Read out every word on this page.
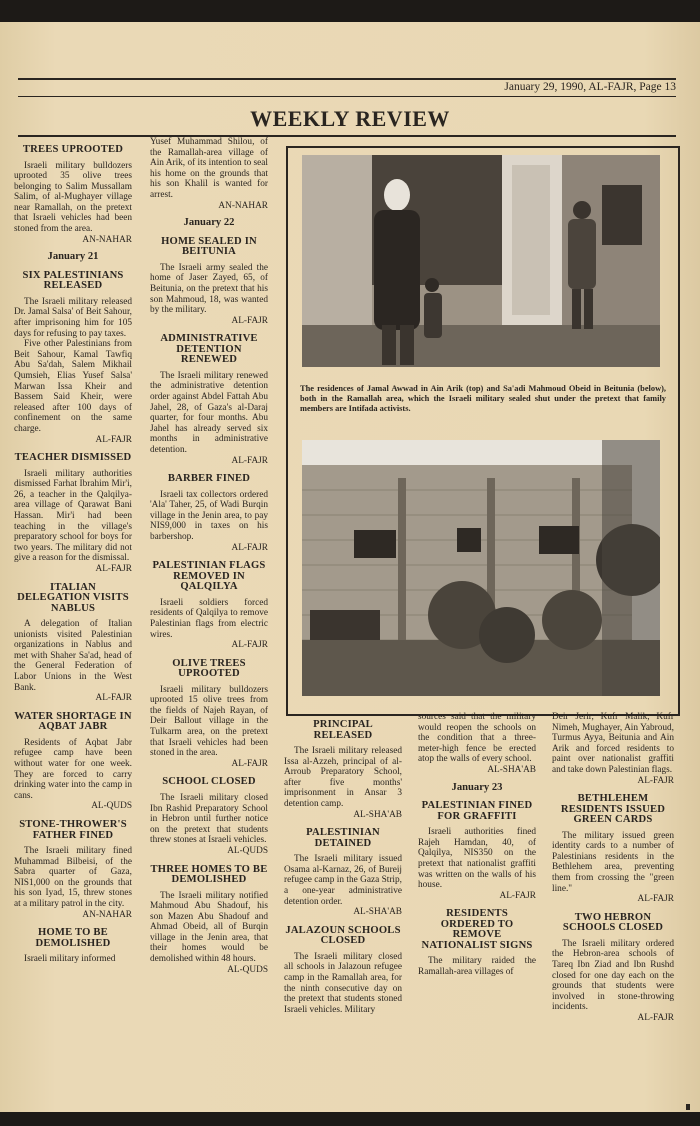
January 29, 1990, AL-FAJR, Page 13
WEEKLY REVIEW
TREES UPROOTED

Israeli military bulldozers uprooted 35 olive trees belonging to Salim Mussallam Salim, of al-Mughayer village near Ramallah, on the pretext that Israeli vehicles had been stoned from the area.

AN-NAHAR
January 21
SIX PALESTINIANS RELEASED

The Israeli military released Dr. Jamal Salsa' of Beit Sahour, after imprisoning him for 105 days for refusing to pay taxes.

Five other Palestinians from Beit Sahour, Kamal Tawfiq Abu Sa'dah, Salem Mikhail Qumsieh, Elias Yusef Salsa' Marwan Issa Kheir and Bassem Said Kheir, were released after 100 days of confinement on the same charge.

AL-FAJR
TEACHER DISMISSED

Israeli military authorities dismissed Farhat Ibrahim Mir'i, 26, a teacher in the Qalqilya-area village of Qarawat Bani Hassan. Mir'i had been teaching in the village's preparatory school for boys for two years. The military did not give a reason for the dismissal.

AL-FAJR
ITALIAN DELEGATION VISITS NABLUS

A delegation of Italian unionists visited Palestinian organizations in Nablus and met with Shaher Sa'ad, head of the General Federation of Labor Unions in the West Bank.

AL-FAJR
WATER SHORTAGE IN AQBAT JABR

Residents of Aqbat Jabr refugee camp have been without water for one week. They are forced to carry drinking water into the camp in cans.

AL-QUDS
STONE-THROWER'S FATHER FINED

The Israeli military fined Muhammad Bilbeisi, of the Sabra quarter of Gaza, NIS1,000 on the grounds that his son Iyad, 15, threw stones at a military patrol in the city.

AN-NAHAR
HOME TO BE DEMOLISHED

Israeli military informed

Yusef Muhammad Shilou, of the Ramallah-area village of Ain Arik, of its intention to seal his home on the grounds that his son Khalil is wanted for arrest.

AN-NAHAR
January 22
HOME SEALED IN BEITUNIA

The Israeli army sealed the home of Jaser Zayed, 65, of Beitunia, on the pretext that his son Mahmoud, 18, was wanted by the military.

AL-FAJR
ADMINISTRATIVE DETENTION RENEWED

The Israeli military renewed the administrative detention order against Abdel Fattah Abu Jahel, 28, of Gaza's al-Daraj quarter, for four months. Abu Jahel has already served six months in administrative detention.

AL-FAJR
BARBER FINED

Israeli tax collectors ordered 'Ala' Taher, 25, of Wadi Burqin village in the Jenin area, to pay NIS9,000 in taxes on his barbershop.

AL-FAJR
PALESTINIAN FLAGS REMOVED IN QALQILYA

Israeli soldiers forced residents of Qalqilya to remove Palestinian flags from electric wires.

AL-FAJR
OLIVE TREES UPROOTED

Israeli military bulldozers uprooted 15 olive trees from the fields of Najeh Rayan, of Deir Ballout village in the Tulkarm area, on the pretext that Israeli vehicles had been stoned in the area.

AL-FAJR
SCHOOL CLOSED

The Israeli military closed Ibn Rashid Preparatory School in Hebron until further notice on the pretext that students threw stones at Israeli vehicles.

AL-QUDS
THREE HOMES TO BE DEMOLISHED

The Israeli military notified Mahmoud Abu Shadouf, his son Mazen Abu Shadouf and Ahmad Obeid, all of Burqin village in the Jenin area, that their homes would be demolished within 48 hours.

AL-QUDS
PRINCIPAL RELEASED

The Israeli military released Issa al-Azzeh, principal of al-Arroub Preparatory School, after five months' imprisonment in Ansar 3 detention camp.

AL-SHA'AB
PALESTINIAN DETAINED

The Israeli military issued Osama al-Karnaz, 26, of Bureij refugee camp in the Gaza Strip, a one-year administrative detention order.

AL-SHA'AB
JALAZOUN SCHOOLS CLOSED

The Israeli military closed all schools in Jalazoun refugee camp in the Ramallah area, for the ninth consecutive day on the pretext that students stoned Israeli vehicles. Military

sources said that the military would reopen the schools on the condition that a three-meter-high fence be erected atop the walls of every school.

AL-SHA'AB
January 23
PALESTINIAN FINED FOR GRAFFITI

Israeli authorities fined Rajeh Hamdan, 40, of Qalqilya, NIS350 on the pretext that nationalist graffiti was written on the walls of his house.

AL-FAJR
RESIDENTS ORDERED TO REMOVE NATIONALIST SIGNS

The military raided the Ramallah-area villages of

Deir Jerir, Kufr Malik, Kufr Nimeh, Mughayer, Ain Yabroud, Turmus Ayya, Beitunia and Ain Arik and forced residents to paint over nationalist graffiti and take down Palestinian flags.

AL-FAJR
BETHLEHEM RESIDENTS ISSUED GREEN CARDS

The military issued green identity cards to a number of Palestinians residents in the Bethlehem area, preventing them from crossing the "green line."

AL-FAJR
TWO HEBRON SCHOOLS CLOSED

The Israeli military ordered the Hebron-area schools of Tareq Ibn Ziad and Ibn Rushd closed for one day each on the grounds that students were involved in stone-throwing incidents.

AL-FAJR
The residences of Jamal Awwad in Ain Arik (top) and Sa'adi Mahmoud Obeid in Beitunia (below), both in the Ramallah area, which the Israeli military sealed shut under the pretext that family members are Intifada activists.
